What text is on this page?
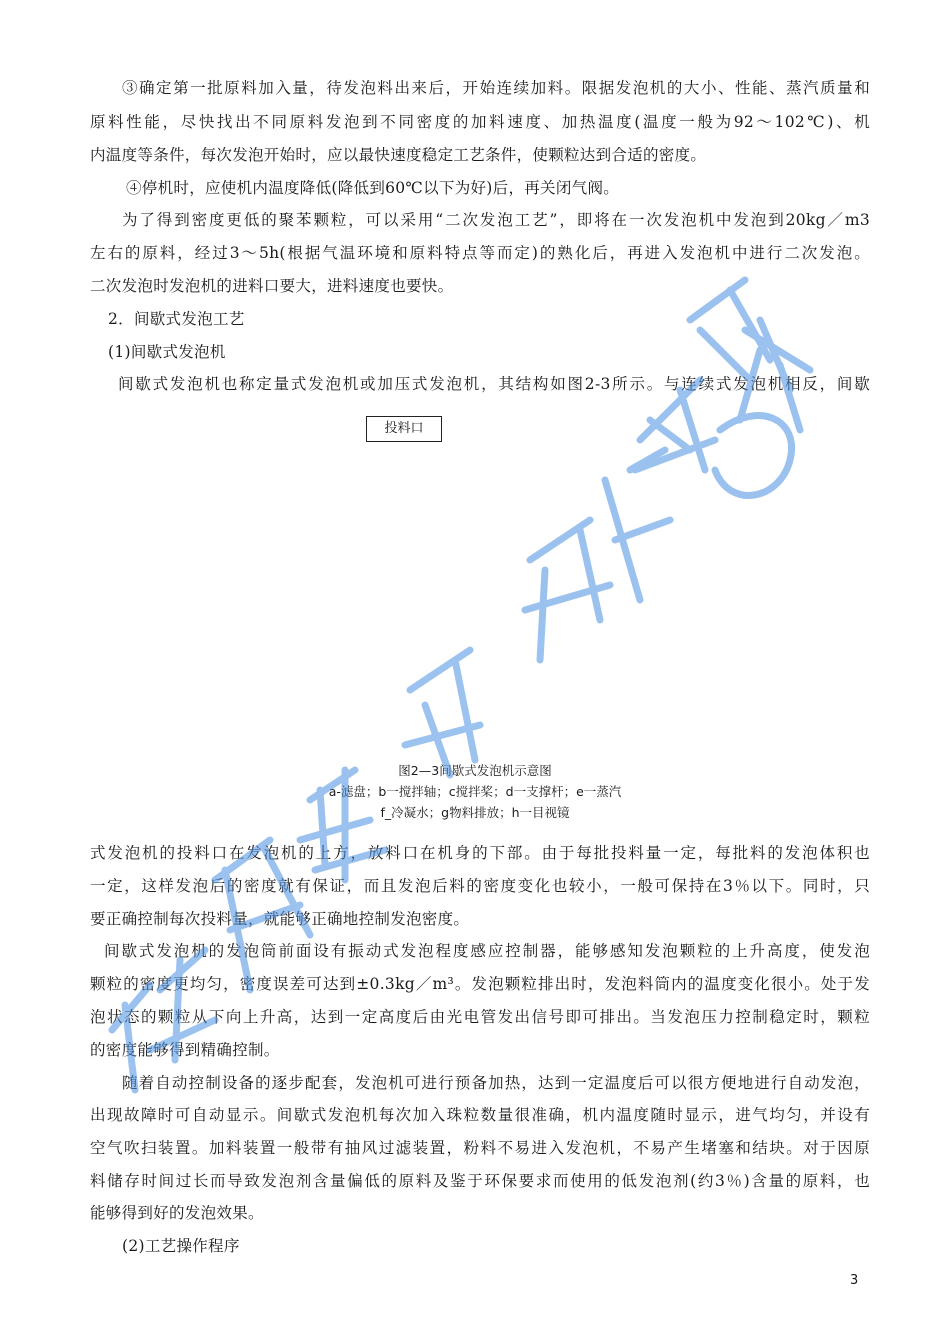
③确定第一批原料加入量，待发泡料出来后，开始连续加料。限据发泡机的大小、性能、蒸汽质量和
原料性能，尽快找出不同原料发泡到不同密度的加料速度、加热温度(温度一般为92～102℃)、机
内温度等条件，每次发泡开始时，应以最快速度稳定工艺条件，使颗粒达到合适的密度。
④停机时，应使机内温度降低(降低到60℃以下为好)后，再关闭气阀。
为了得到密度更低的聚苯颗粒，可以采用“二次发泡工艺”，即将在一次发泡机中发泡到20kg／m3
左右的原料，经过3～5h(根据气温环境和原料特点等而定)的熟化后，再进入发泡机中进行二次发泡。
二次发泡时发泡机的进料口要大，进料速度也要快。
2．间歇式发泡工艺
(1)间歇式发泡机
间歇式发泡机也称定量式发泡机或加压式发泡机，其结构如图2-3所示。与连续式发泡机相反，间歇
投料口
图2—3间歇式发泡机示意图
a-滤盘；b一搅拌轴；c搅拌桨；d一支撑杆；e一蒸汽
f_冷凝水；g物料排放；h一目视镜
式发泡机的投料口在发泡机的上方，放料口在机身的下部。由于每批投料量一定，每批料的发泡体积也
一定，这样发泡后的密度就有保证，而且发泡后料的密度变化也较小，一般可保持在3％以下。同时，只
要正确控制每次投料量，就能够正确地控制发泡密度。
间歇式发泡机的发泡筒前面设有振动式发泡程度感应控制器，能够感知发泡颗粒的上升高度，使发泡
颗粒的密度更均匀，密度误差可达到±0.3kg／m³。发泡颗粒排出时，发泡料筒内的温度变化很小。处于发
泡状态的颗粒从下向上升高，达到一定高度后由光电管发出信号即可排出。当发泡压力控制稳定时，颗粒
的密度能够得到精确控制。
随着自动控制设备的逐步配套，发泡机可进行预备加热，达到一定温度后可以很方便地进行自动发泡，
出现故障时可自动显示。间歇式发泡机每次加入珠粒数量很准确，机内温度随时显示，进气均匀，并设有
空气吹扫装置。加料装置一般带有抽风过滤装置，粉料不易进入发泡机，不易产生堵塞和结块。对于因原
料储存时间过长而导致发泡剂含量偏低的原料及鉴于环保要求而使用的低发泡剂(约3％)含量的原料，也
能够得到好的发泡效果。
(2)工艺操作程序
3
